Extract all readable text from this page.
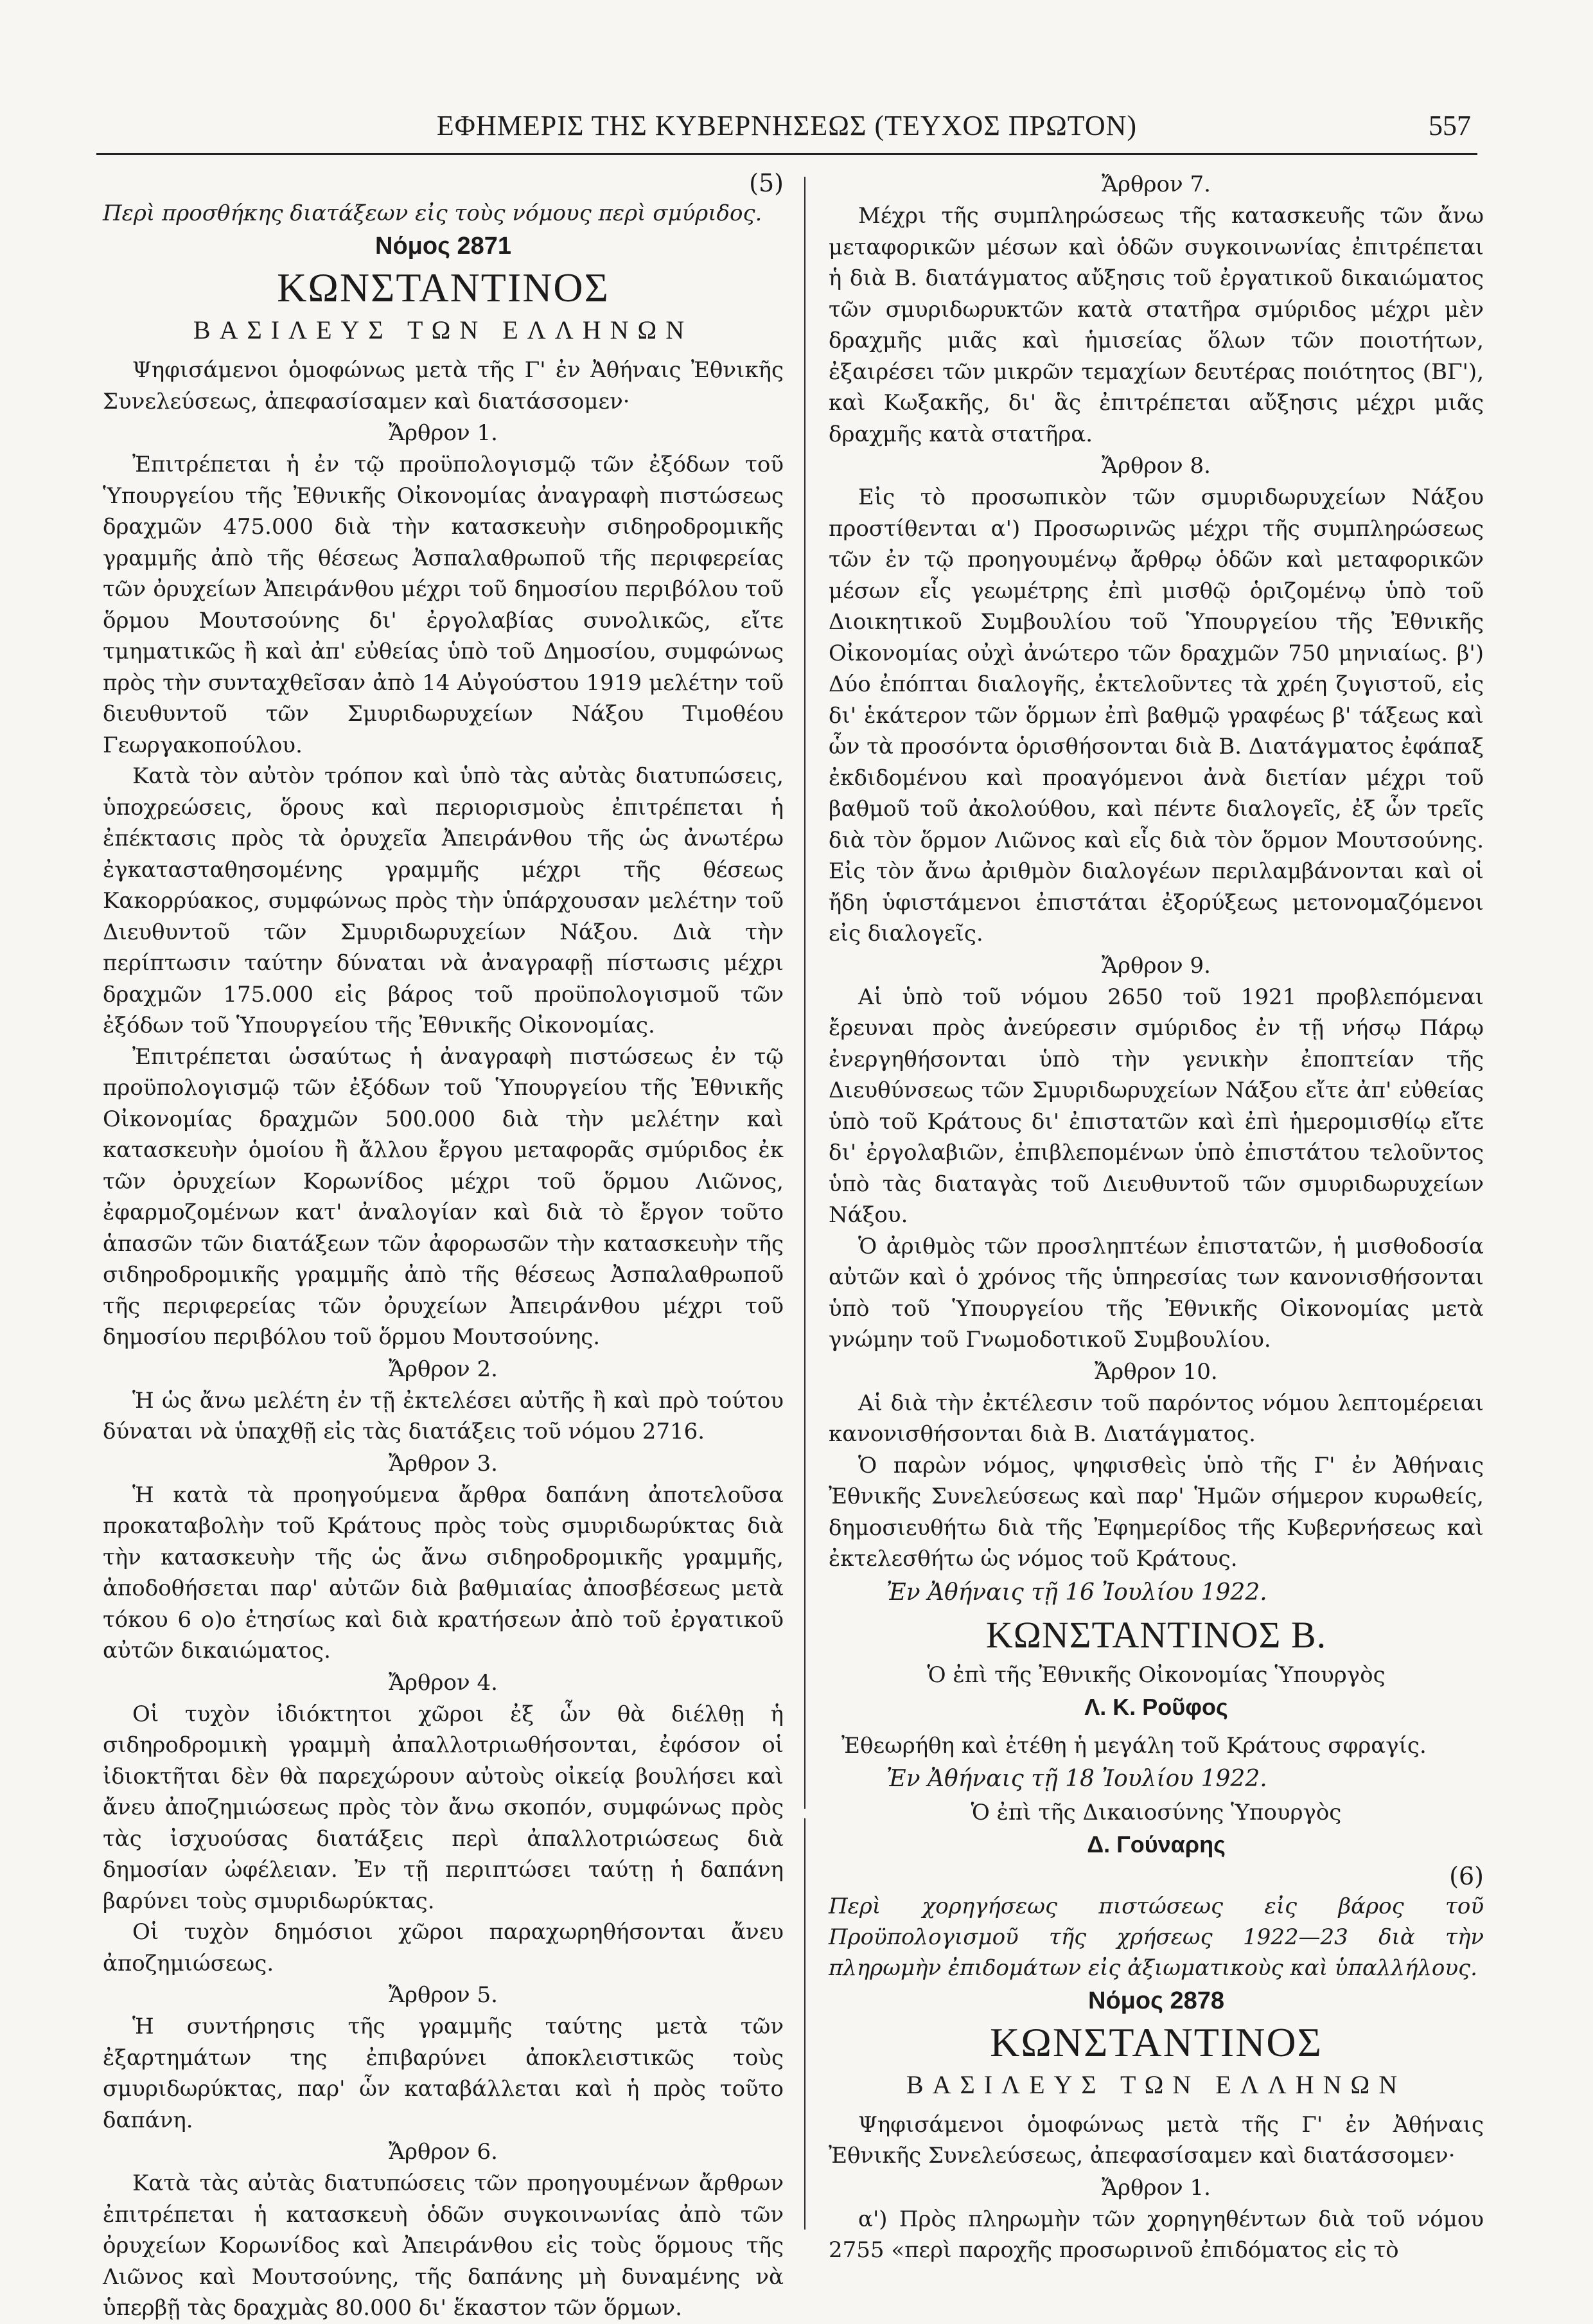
ΕΦΗΜΕΡΙΣ ΤΗΣ ΚΥΒΕΡΝΗΣΕΩΣ (ΤΕΥΧΟΣ ΠΡΩΤΟΝ)	557
(5)
Περὶ προσθήκης διατάξεων εἰς τοὺς νόμους περὶ σμύριδος.
Νόμος 2871
ΚΩΝΣΤΑΝΤΙΝΟΣ
ΒΑΣΙΛΕΥΣ ΤΩΝ ΕΛΛΗΝΩΝ

Ψηφισάμενοι ὁμοφώνως μετὰ τῆς Γ' ἐν Ἀθήναις Ἐθνικῆς Συνελεύσεως, ἀπεφασίσαμεν καὶ διατάσσομεν·

Ἄρθρον 1.

Ἐπιτρέπεται ἡ ἐν τῷ προϋπολογισμῷ τῶν ἐξόδων τοῦ Ὑπουργείου τῆς Ἐθνικῆς Οἰκονομίας ἀναγραφὴ πιστώσεως δραχμῶν 475.000 διὰ τὴν κατασκευὴν σιδηροδρομικῆς γραμμῆς ἀπὸ τῆς θέσεως Ἀσπαλαθρωποῦ τῆς περιφερείας τῶν ὀρυχείων Ἀπειράνθου μέχρι τοῦ δημοσίου περιβόλου τοῦ ὅρμου Μουτσούνης δι' ἐργολαβίας συνολικῶς, εἴτε τμηματικῶς ἢ καὶ ἀπ' εὐθείας ὑπὸ τοῦ Δημοσίου, συμφώνως πρὸς τὴν συνταχθεῖσαν ἀπὸ 14 Αὐγούστου 1919 μελέτην τοῦ διευθυντοῦ τῶν Σμυριδωρυχείων Νάξου Τιμοθέου Γεωργακοπούλου.

Κατὰ τὸν αὐτὸν τρόπον καὶ ὑπὸ τὰς αὐτὰς διατυπώσεις, ὑποχρεώσεις, ὅρους καὶ περιορισμοὺς ἐπιτρέπεται ἡ ἐπέκτασις πρὸς τὰ ὀρυχεῖα Ἀπειράνθου τῆς ὡς ἀνωτέρω ἐγκατασταθησομένης γραμμῆς μέχρι τῆς θέσεως Κακορρύακος, συμφώνως πρὸς τὴν ὑπάρχουσαν μελέτην τοῦ Διευθυντοῦ τῶν Σμυριδωρυχείων Νάξου. Διὰ τὴν περίπτωσιν ταύτην δύναται νὰ ἀναγραφῇ πίστωσις μέχρι δραχμῶν 175.000 εἰς βάρος τοῦ προϋπολογισμοῦ τῶν ἐξόδων τοῦ Ὑπουργείου τῆς Ἐθνικῆς Οἰκονομίας.

Ἐπιτρέπεται ὡσαύτως ἡ ἀναγραφὴ πιστώσεως ἐν τῷ προϋπολογισμῷ τῶν ἐξόδων τοῦ Ὑπουργείου τῆς Ἐθνικῆς Οἰκονομίας δραχμῶν 500.000 διὰ τὴν μελέτην καὶ κατασκευὴν ὁμοίου ἢ ἄλλου ἔργου μεταφορᾶς σμύριδος ἐκ τῶν ὀρυχείων Κορωνίδος μέχρι τοῦ ὅρμου Λιῶνος, ἐφαρμοζομένων κατ' ἀναλογίαν καὶ διὰ τὸ ἔργον τοῦτο ἁπασῶν τῶν διατάξεων τῶν ἀφορωσῶν τὴν κατασκευὴν τῆς σιδηροδρομικῆς γραμμῆς ἀπὸ τῆς θέσεως Ἀσπαλαθρωποῦ τῆς περιφερείας τῶν ὀρυχείων Ἀπειράνθου μέχρι τοῦ δημοσίου περιβόλου τοῦ ὅρμου Μουτσούνης.

Ἄρθρον 2.

Ἡ ὡς ἄνω μελέτη ἐν τῇ ἐκτελέσει αὐτῆς ἢ καὶ πρὸ τούτου δύναται νὰ ὑπαχθῇ εἰς τὰς διατάξεις τοῦ νόμου 2716.

Ἄρθρον 3.

Ἡ κατὰ τὰ προηγούμενα ἄρθρα δαπάνη ἀποτελοῦσα προκαταβολὴν τοῦ Κράτους πρὸς τοὺς σμυριδωρύκτας διὰ τὴν κατασκευὴν τῆς ὡς ἄνω σιδηροδρομικῆς γραμμῆς, ἀποδοθήσεται παρ' αὐτῶν διὰ βαθμιαίας ἀποσβέσεως μετὰ τόκου 6 ο)ο ἐτησίως καὶ διὰ κρατήσεων ἀπὸ τοῦ ἐργατικοῦ αὐτῶν δικαιώματος.

Ἄρθρον 4.

Οἱ τυχὸν ἰδιόκτητοι χῶροι ἐξ ὧν θὰ διέλθῃ ἡ σιδηροδρομικὴ γραμμὴ ἀπαλλοτριωθήσονται, ἐφόσον οἱ ἰδιοκτῆται δὲν θὰ παρεχώρουν αὐτοὺς οἰκείᾳ βουλήσει καὶ ἄνευ ἀποζημιώσεως πρὸς τὸν ἄνω σκοπόν, συμφώνως πρὸς τὰς ἰσχυούσας διατάξεις περὶ ἀπαλλοτριώσεως διὰ δημοσίαν ὠφέλειαν. Ἐν τῇ περιπτώσει ταύτῃ ἡ δαπάνη βαρύνει τοὺς σμυριδωρύκτας.

Οἱ τυχὸν δημόσιοι χῶροι παραχωρηθήσονται ἄνευ ἀποζημιώσεως.

Ἄρθρον 5.

Ἡ συντήρησις τῆς γραμμῆς ταύτης μετὰ τῶν ἐξαρτημάτων της ἐπιβαρύνει ἀποκλειστικῶς τοὺς σμυριδωρύκτας, παρ' ὧν καταβάλλεται καὶ ἡ πρὸς τοῦτο δαπάνη.

Ἄρθρον 6.

Κατὰ τὰς αὐτὰς διατυπώσεις τῶν προηγουμένων ἄρθρων ἐπιτρέπεται ἡ κατασκευὴ ὁδῶν συγκοινωνίας ἀπὸ τῶν ὀρυχείων Κορωνίδος καὶ Ἀπειράνθου εἰς τοὺς ὅρμους τῆς Λιῶνος καὶ Μουτσούνης, τῆς δαπάνης μὴ δυναμένης νὰ ὑπερβῇ τὰς δραχμὰς 80.000 δι' ἕκαστον τῶν ὅρμων.

Ἄρθρον 7.

Μέχρι τῆς συμπληρώσεως τῆς κατασκευῆς τῶν ἄνω μεταφορικῶν μέσων καὶ ὁδῶν συγκοινωνίας ἐπιτρέπεται ἡ διὰ Β. διατάγματος αὔξησις τοῦ ἐργατικοῦ δικαιώματος τῶν σμυριδωρυκτῶν κατὰ στατῆρα σμύριδος μέχρι μὲν δραχμῆς μιᾶς καὶ ἡμισείας ὅλων τῶν ποιοτήτων, ἐξαιρέσει τῶν μικρῶν τεμαχίων δευτέρας ποιότητος (ΒΓ'), καὶ Κωξακῆς, δι' ἃς ἐπιτρέπεται αὔξησις μέχρι μιᾶς δραχμῆς κατὰ στατῆρα.

Ἄρθρον 8.

Εἰς τὸ προσωπικὸν τῶν σμυριδωρυχείων Νάξου προστίθενται α') Προσωρινῶς μέχρι τῆς συμπληρώσεως τῶν ἐν τῷ προηγουμένῳ ἄρθρῳ ὁδῶν καὶ μεταφορικῶν μέσων εἷς γεωμέτρης ἐπὶ μισθῷ ὁριζομένῳ ὑπὸ τοῦ Διοικητικοῦ Συμβουλίου τοῦ Ὑπουργείου τῆς Ἐθνικῆς Οἰκονομίας οὐχὶ ἀνώτερο τῶν δραχμῶν 750 μηνιαίως. β') Δύο ἐπόπται διαλογῆς, ἐκτελοῦντες τὰ χρέη ζυγιστοῦ, εἰς δι' ἑκάτερον τῶν ὅρμων ἐπὶ βαθμῷ γραφέως β' τάξεως καὶ ὧν τὰ προσόντα ὁρισθήσονται διὰ Β. Διατάγματος ἐφάπαξ ἐκδιδομένου καὶ προαγόμενοι ἀνὰ διετίαν μέχρι τοῦ βαθμοῦ τοῦ ἀκολούθου, καὶ πέντε διαλογεῖς, ἐξ ὧν τρεῖς διὰ τὸν ὅρμον Λιῶνος καὶ εἷς διὰ τὸν ὅρμον Μουτσούνης. Εἰς τὸν ἄνω ἀριθμὸν διαλογέων περιλαμβάνονται καὶ οἱ ἤδη ὑφιστάμενοι ἐπιστάται ἐξορύξεως μετονομαζόμενοι εἰς διαλογεῖς.

Ἄρθρον 9.

Αἱ ὑπὸ τοῦ νόμου 2650 τοῦ 1921 προβλεπόμεναι ἔρευναι πρὸς ἀνεύρεσιν σμύριδος ἐν τῇ νήσῳ Πάρῳ ἐνεργηθήσονται ὑπὸ τὴν γενικὴν ἐποπτείαν τῆς Διευθύνσεως τῶν Σμυριδωρυχείων Νάξου εἴτε ἀπ' εὐθείας ὑπὸ τοῦ Κράτους δι' ἐπιστατῶν καὶ ἐπὶ ἡμερομισθίῳ εἴτε δι' ἐργολαβιῶν, ἐπιβλεπομένων ὑπὸ ἐπιστάτου τελοῦντος ὑπὸ τὰς διαταγὰς τοῦ Διευθυντοῦ τῶν σμυριδωρυχείων Νάξου.

Ὁ ἀριθμὸς τῶν προσληπτέων ἐπιστατῶν, ἡ μισθοδοσία αὐτῶν καὶ ὁ χρόνος τῆς ὑπηρεσίας των κανονισθήσονται ὑπὸ τοῦ Ὑπουργείου τῆς Ἐθνικῆς Οἰκονομίας μετὰ γνώμην τοῦ Γνωμοδοτικοῦ Συμβουλίου.

Ἄρθρον 10.

Αἱ διὰ τὴν ἐκτέλεσιν τοῦ παρόντος νόμου λεπτομέρειαι κανονισθήσονται διὰ Β. Διατάγματος.

Ὁ παρὼν νόμος, ψηφισθεὶς ὑπὸ τῆς Γ' ἐν Ἀθήναις Ἐθνικῆς Συνελεύσεως καὶ παρ' Ἡμῶν σήμερον κυρωθείς, δημοσιευθήτω διὰ τῆς Ἐφημερίδος τῆς Κυβερνήσεως καὶ ἐκτελεσθήτω ὡς νόμος τοῦ Κράτους.

Ἐν Ἀθήναις τῇ 16 Ἰουλίου 1922.
ΚΩΝΣΤΑΝΤΙΝΟΣ Β.
Ὁ ἐπὶ τῆς Ἐθνικῆς Οἰκονομίας Ὑπουργὸς
Λ. Κ. Ροῦφος
Ἐθεωρήθη καὶ ἐτέθη ἡ μεγάλη τοῦ Κράτους σφραγίς.
Ἐν Ἀθήναις τῇ 18 Ἰουλίου 1922.
Ὁ ἐπὶ τῆς Δικαιοσύνης Ὑπουργὸς
Δ. Γούναρης
(6)
Περὶ χορηγήσεως πιστώσεως εἰς βάρος τοῦ Προϋπολογισμοῦ τῆς χρήσεως 1922—23 διὰ τὴν πληρωμὴν ἐπιδομάτων εἰς ἀξιωματικοὺς καὶ ὑπαλλήλους.
Νόμος 2878
ΚΩΝΣΤΑΝΤΙΝΟΣ
ΒΑΣΙΛΕΥΣ ΤΩΝ ΕΛΛΗΝΩΝ

Ψηφισάμενοι ὁμοφώνως μετὰ τῆς Γ' ἐν Ἀθήναις Ἐθνικῆς Συνελεύσεως, ἀπεφασίσαμεν καὶ διατάσσομεν·

Ἄρθρον 1.

α') Πρὸς πληρωμὴν τῶν χορηγηθέντων διὰ τοῦ νόμου 2755 «περὶ παροχῆς προσωρινοῦ ἐπιδόματος εἰς τὸ
